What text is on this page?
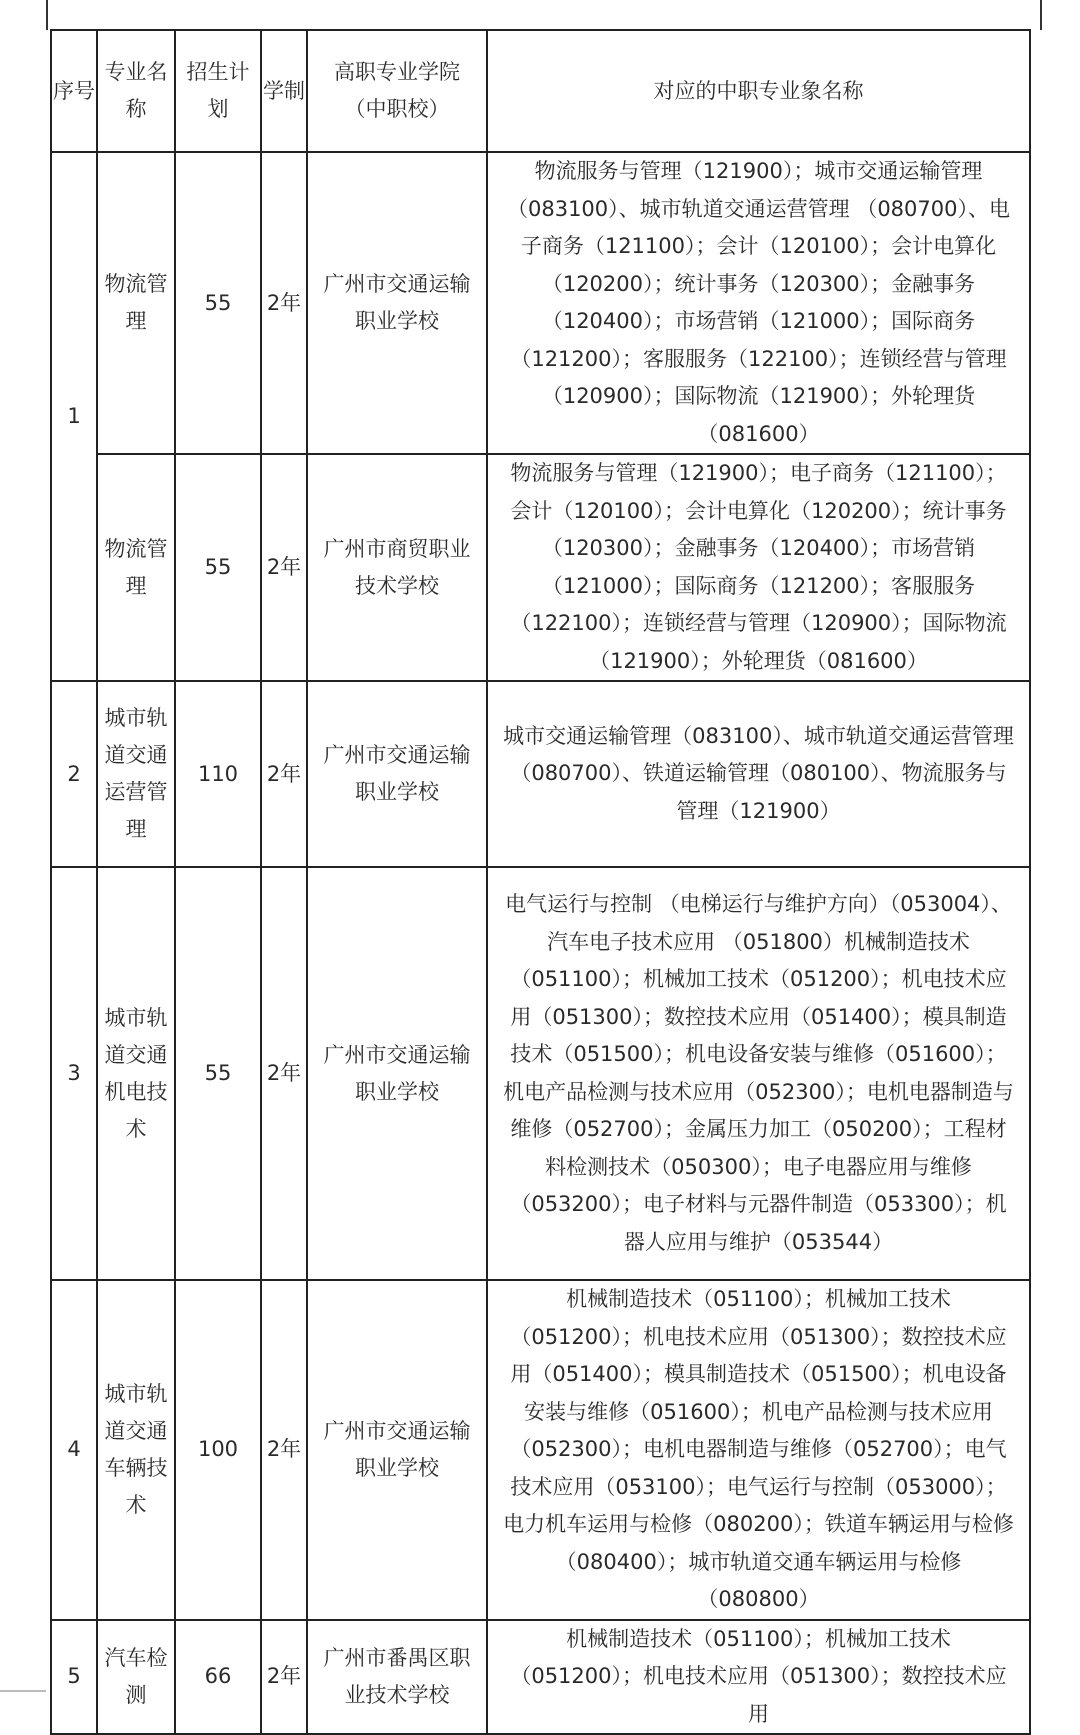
序号	专业名称	招生计划	学制	高职专业学院（中职校）	对应的中职专业象名称
1	物流管理	55	2年	广州市交通运输职业学校	物流服务与管理（121900）；城市交通运输管理（083100）、城市轨道交通运营管理 （080700）、电子商务（121100）；会计（120100）；会计电算化（120200）；统计事务（120300）；金融事务（120400）；市场营销（121000）；国际商务（121200）；客服服务（122100）；连锁经营与管理（120900）；国际物流（121900）；外轮理货（081600）
	物流管理	55	2年	广州市商贸职业技术学校	物流服务与管理（121900）；电子商务（121100）；会计（120100）；会计电算化（120200）；统计事务（120300）；金融事务（120400）；市场营销（121000）；国际商务（121200）；客服服务（122100）；连锁经营与管理（120900）；国际物流（121900）；外轮理货（081600）
2	城市轨道交通运营管理	110	2年	广州市交通运输职业学校	城市交通运输管理（083100）、城市轨道交通运营管理 （080700）、铁道运输管理（080100）、物流服务与管理（121900）
3	城市轨道交通机电技术	55	2年	广州市交通运输职业学校	电气运行与控制 （电梯运行与维护方向）（053004）、汽车电子技术应用 （051800）机械制造技术（051100）；机械加工技术（051200）；机电技术应用（051300）；数控技术应用（051400）；模具制造技术（051500）；机电设备安装与维修（051600）；机电产品检测与技术应用（052300）；电机电器制造与维修（052700）；金属压力加工（050200）；工程材料检测技术（050300）；电子电器应用与维修（053200）；电子材料与元器件制造（053300）；机器人应用与维护（053544）
4	城市轨道交通车辆技术	100	2年	广州市交通运输职业学校	机械制造技术（051100）；机械加工技术（051200）；机电技术应用（051300）；数控技术应用（051400）；模具制造技术（051500）；机电设备安装与维修（051600）；机电产品检测与技术应用（052300）；电机电器制造与维修（052700）；电气技术应用（053100）；电气运行与控制（053000）；电力机车运用与检修（080200）；铁道车辆运用与检修（080400）；城市轨道交通车辆运用与检修（080800）
5	汽车检测	66	2年	广州市番禺区职业技术学校	机械制造技术（051100）；机械加工技术（051200）；机电技术应用（051300）；数控技术应用
